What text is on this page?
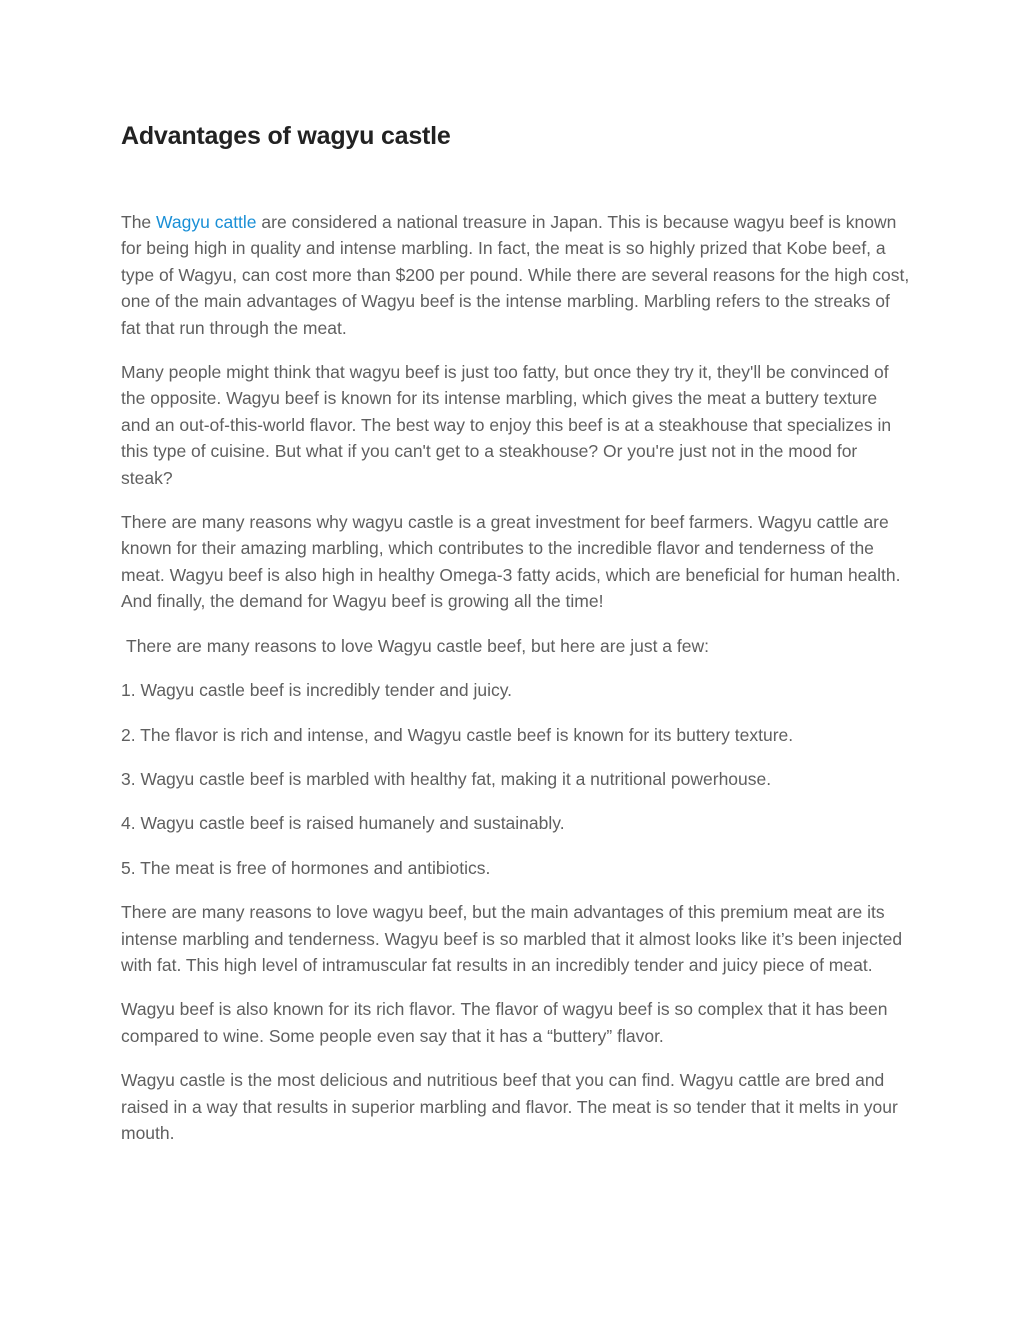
Advantages of wagyu castle

The Wagyu cattle are considered a national treasure in Japan. This is because wagyu beef is known for being high in quality and intense marbling. In fact, the meat is so highly prized that Kobe beef, a type of Wagyu, can cost more than $200 per pound. While there are several reasons for the high cost, one of the main advantages of Wagyu beef is the intense marbling. Marbling refers to the streaks of fat that run through the meat.

Many people might think that wagyu beef is just too fatty, but once they try it, they'll be convinced of the opposite. Wagyu beef is known for its intense marbling, which gives the meat a buttery texture and an out-of-this-world flavor. The best way to enjoy this beef is at a steakhouse that specializes in this type of cuisine. But what if you can't get to a steakhouse? Or you're just not in the mood for steak?

There are many reasons why wagyu castle is a great investment for beef farmers. Wagyu cattle are known for their amazing marbling, which contributes to the incredible flavor and tenderness of the meat. Wagyu beef is also high in healthy Omega-3 fatty acids, which are beneficial for human health. And finally, the demand for Wagyu beef is growing all the time!

There are many reasons to love Wagyu castle beef, but here are just a few:

1. Wagyu castle beef is incredibly tender and juicy.

2. The flavor is rich and intense, and Wagyu castle beef is known for its buttery texture.

3. Wagyu castle beef is marbled with healthy fat, making it a nutritional powerhouse.

4. Wagyu castle beef is raised humanely and sustainably.

5. The meat is free of hormones and antibiotics.

There are many reasons to love wagyu beef, but the main advantages of this premium meat are its intense marbling and tenderness. Wagyu beef is so marbled that it almost looks like it’s been injected with fat. This high level of intramuscular fat results in an incredibly tender and juicy piece of meat.

Wagyu beef is also known for its rich flavor. The flavor of wagyu beef is so complex that it has been compared to wine. Some people even say that it has a “buttery” flavor.

Wagyu castle is the most delicious and nutritious beef that you can find. Wagyu cattle are bred and raised in a way that results in superior marbling and flavor. The meat is so tender that it melts in your mouth.
